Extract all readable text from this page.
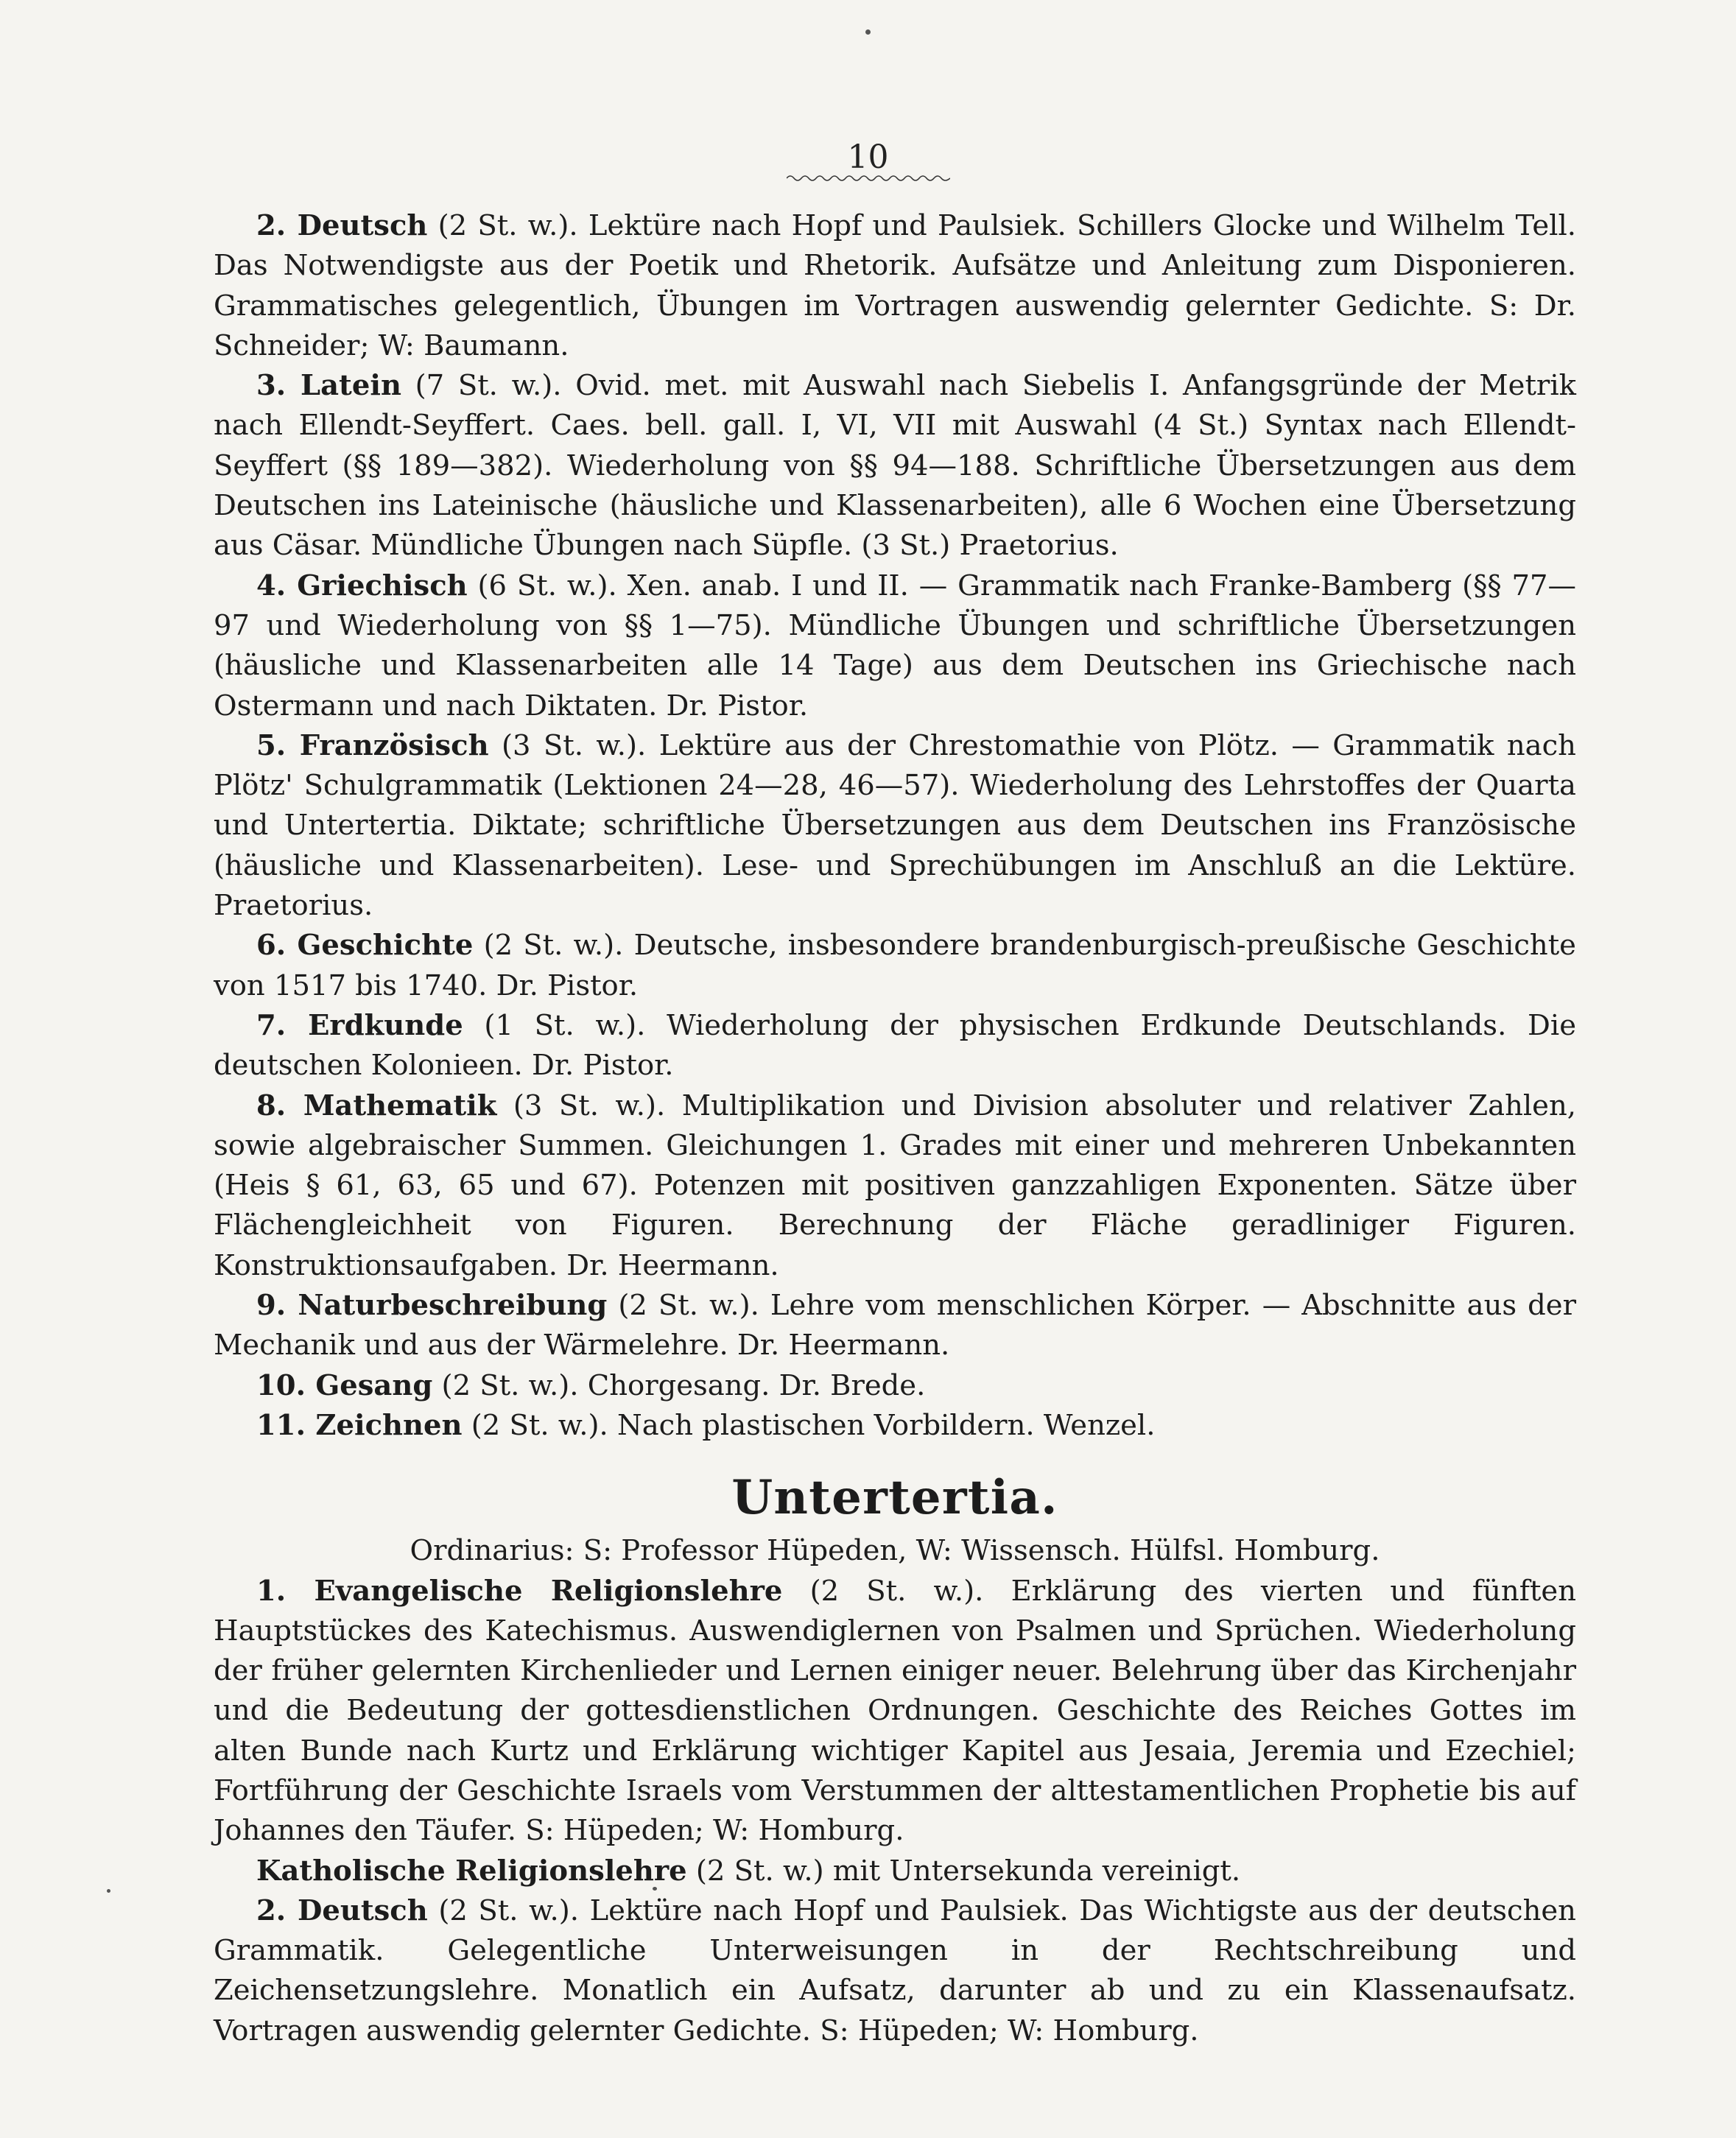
10

2. Deutsch (2 St. w.). Lektüre nach Hopf und Paulsiek. Schillers Glocke und Wilhelm Tell. Das Notwendigste aus der Poetik und Rhetorik. Aufsätze und Anleitung zum Disponieren. Grammatisches gelegentlich, Übungen im Vortragen auswendig gelernter Gedichte. S: Dr. Schneider; W: Baumann.

3. Latein (7 St. w.). Ovid. met. mit Auswahl nach Siebelis I. Anfangsgründe der Metrik nach Ellendt-Seyffert. Caes. bell. gall. I, VI, VII mit Auswahl (4 St.) Syntax nach Ellendt-Seyffert (§§ 189—382). Wiederholung von §§ 94—188. Schriftliche Übersetzungen aus dem Deutschen ins Lateinische (häusliche und Klassenarbeiten), alle 6 Wochen eine Übersetzung aus Cäsar. Mündliche Übungen nach Süpfle. (3 St.) Praetorius.

4. Griechisch (6 St. w.). Xen. anab. I und II. — Grammatik nach Franke-Bamberg (§§ 77—97 und Wiederholung von §§ 1—75). Mündliche Übungen und schriftliche Übersetzungen (häusliche und Klassenarbeiten alle 14 Tage) aus dem Deutschen ins Griechische nach Ostermann und nach Diktaten. Dr. Pistor.

5. Französisch (3 St. w.). Lektüre aus der Chrestomathie von Plötz. — Grammatik nach Plötz' Schulgrammatik (Lektionen 24—28, 46—57). Wiederholung des Lehrstoffes der Quarta und Untertertia. Diktate; schriftliche Übersetzungen aus dem Deutschen ins Französische (häusliche und Klassenarbeiten). Lese- und Sprechübungen im Anschluß an die Lektüre. Praetorius.

6. Geschichte (2 St. w.). Deutsche, insbesondere brandenburgisch-preußische Geschichte von 1517 bis 1740. Dr. Pistor.

7. Erdkunde (1 St. w.). Wiederholung der physischen Erdkunde Deutschlands. Die deutschen Kolonieen. Dr. Pistor.

8. Mathematik (3 St. w.). Multiplikation und Division absoluter und relativer Zahlen, sowie algebraischer Summen. Gleichungen 1. Grades mit einer und mehreren Unbekannten (Heis § 61, 63, 65 und 67). Potenzen mit positiven ganzzahligen Exponenten. Sätze über Flächengleichheit von Figuren. Berechnung der Fläche geradliniger Figuren. Konstruktionsaufgaben. Dr. Heermann.

9. Naturbeschreibung (2 St. w.). Lehre vom menschlichen Körper. — Abschnitte aus der Mechanik und aus der Wärmelehre. Dr. Heermann.

10. Gesang (2 St. w.). Chorgesang. Dr. Brede.

11. Zeichnen (2 St. w.). Nach plastischen Vorbildern. Wenzel.

Untertertia.

Ordinarius: S: Professor Hüpeden, W: Wissensch. Hülfsl. Homburg.

1. Evangelische Religionslehre (2 St. w.). Erklärung des vierten und fünften Hauptstückes des Katechismus. Auswendiglernen von Psalmen und Sprüchen. Wiederholung der früher gelernten Kirchenlieder und Lernen einiger neuer. Belehrung über das Kirchenjahr und die Bedeutung der gottesdienstlichen Ordnungen. Geschichte des Reiches Gottes im alten Bunde nach Kurtz und Erklärung wichtiger Kapitel aus Jesaia, Jeremia und Ezechiel; Fortführung der Geschichte Israels vom Verstummen der alttestamentlichen Prophetie bis auf Johannes den Täufer. S: Hüpeden; W: Homburg.

Katholische Religionslehre (2 St. w.) mit Untersekunda vereinigt.

2. Deutsch (2 St. w.). Lektüre nach Hopf und Paulsiek. Das Wichtigste aus der deutschen Grammatik. Gelegentliche Unterweisungen in der Rechtschreibung und Zeichensetzungslehre. Monatlich ein Aufsatz, darunter ab und zu ein Klassenaufsatz. Vortragen auswendig gelernter Gedichte. S: Hüpeden; W: Homburg.
